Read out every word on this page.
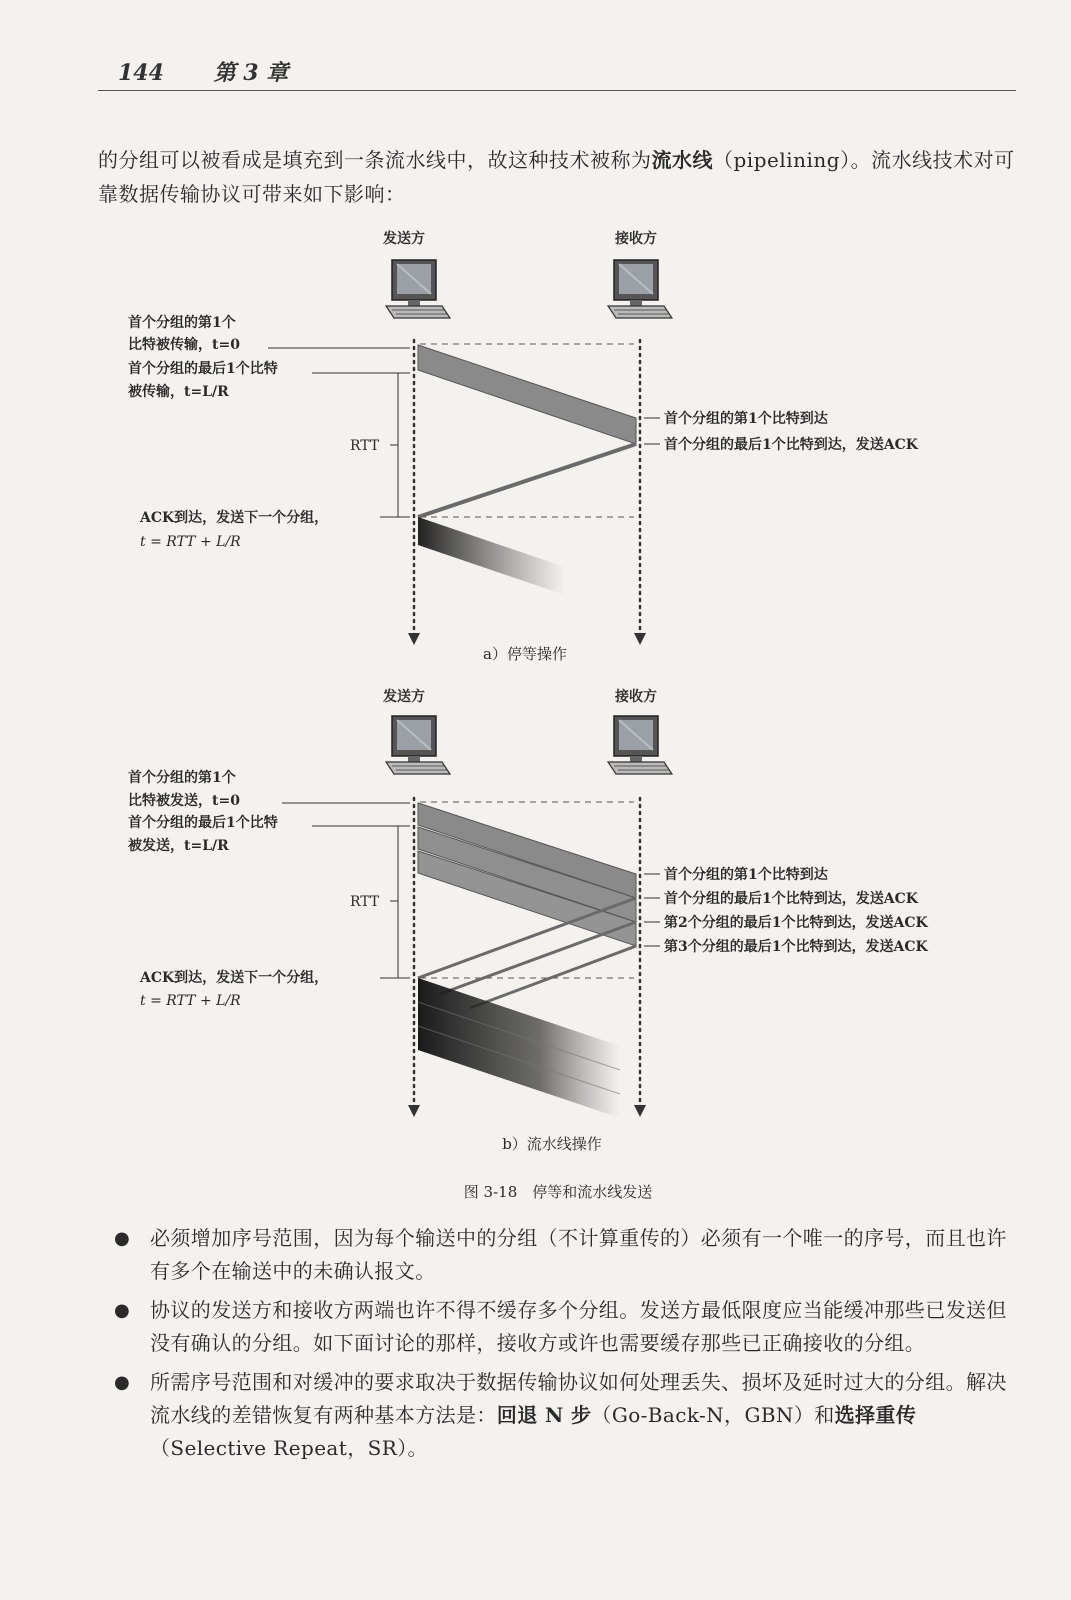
144 第 3 章
的分组可以被看成是填充到一条流水线中，故这种技术被称为流水线（pipelining）。流水线技术对可靠数据传输协议可带来如下影响：
发送方	接收方
首个分组的第1个
比特被传输，t=0
首个分组的最后1个比特
被传输，t=L/R
RTT
ACK到达，发送下一个分组，
t = RTT + L/R
首个分组的第1个比特到达
首个分组的最后1个比特到达，发送ACK
a）停等操作
发送方	接收方
首个分组的第1个
比特被发送，t=0
首个分组的最后1个比特
被发送，t=L/R
RTT
ACK到达，发送下一个分组，
t = RTT + L/R
首个分组的第1个比特到达
首个分组的最后1个比特到达，发送ACK
第2个分组的最后1个比特到达，发送ACK
第3个分组的最后1个比特到达，发送ACK
b）流水线操作
图 3-18　停等和流水线发送
● 必须增加序号范围，因为每个输送中的分组（不计算重传的）必须有一个唯一的序号，而且也许有多个在输送中的未确认报文。
● 协议的发送方和接收方两端也许不得不缓存多个分组。发送方最低限度应当能缓冲那些已发送但没有确认的分组。如下面讨论的那样，接收方或许也需要缓存那些已正确接收的分组。
● 所需序号范围和对缓冲的要求取决于数据传输协议如何处理丢失、损坏及延时过大的分组。解决流水线的差错恢复有两种基本方法是：回退 N 步（Go-Back-N，GBN）和选择重传（Selective Repeat，SR）。
